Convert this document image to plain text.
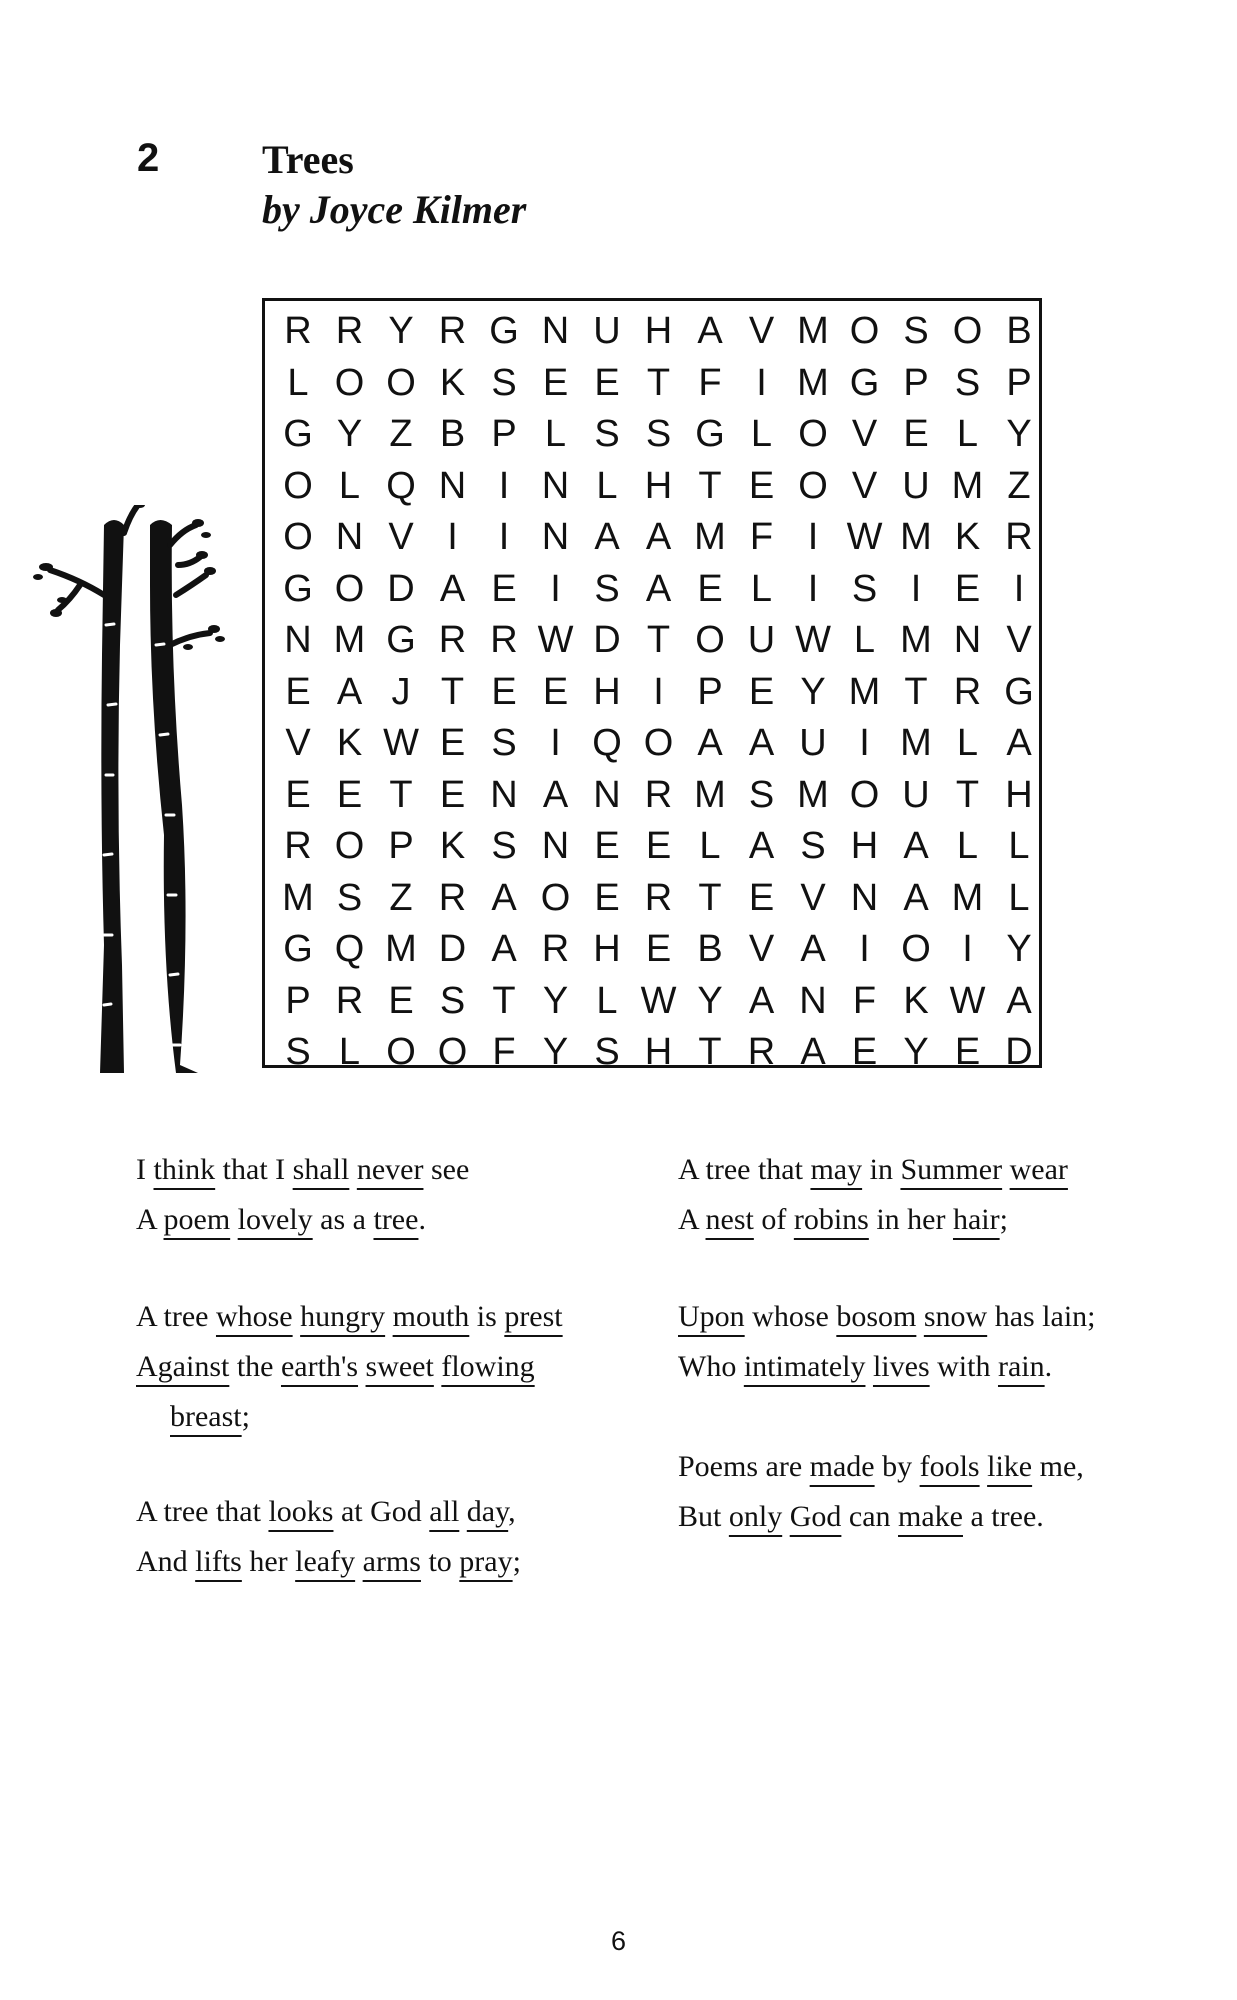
2	Trees
by Joyce Kilmer
R R Y R G N U H A V M O S O B
L O O K S E E T F I M G P S P
G Y Z B P L S S G L O V E L Y
O L Q N I N L H T E O V U M Z
O N V I	I N A A M F I W M K R
G O D A E I S A E L I S I E I
N M G R R W D T O U W L M N V
E A J T E E H I P E Y M T R G
V K W E S I Q O A A U I M L A
E E T E N A N R M S M O U T H
R O P K S N E E L A S H A L L
M S Z R A O E R T E V N A M L
G Q M D A R H E B V A I O I Y
P R E S T Y L W Y A N F K W A
S L O O F Y S H T R A E Y E D
I think that I shall never see
A poem lovely as a tree.
A tree whose hungry mouth is prest
Against the earth's sweet flowing
breast;
A tree that looks at God all day,
And lifts her leafy arms to pray;
A tree that may in Summer wear
A nest of robins in her hair;
Upon whose bosom snow has lain;
Who intimately lives with rain.
Poems are made by fools like me,
But only God can make a tree.
6
